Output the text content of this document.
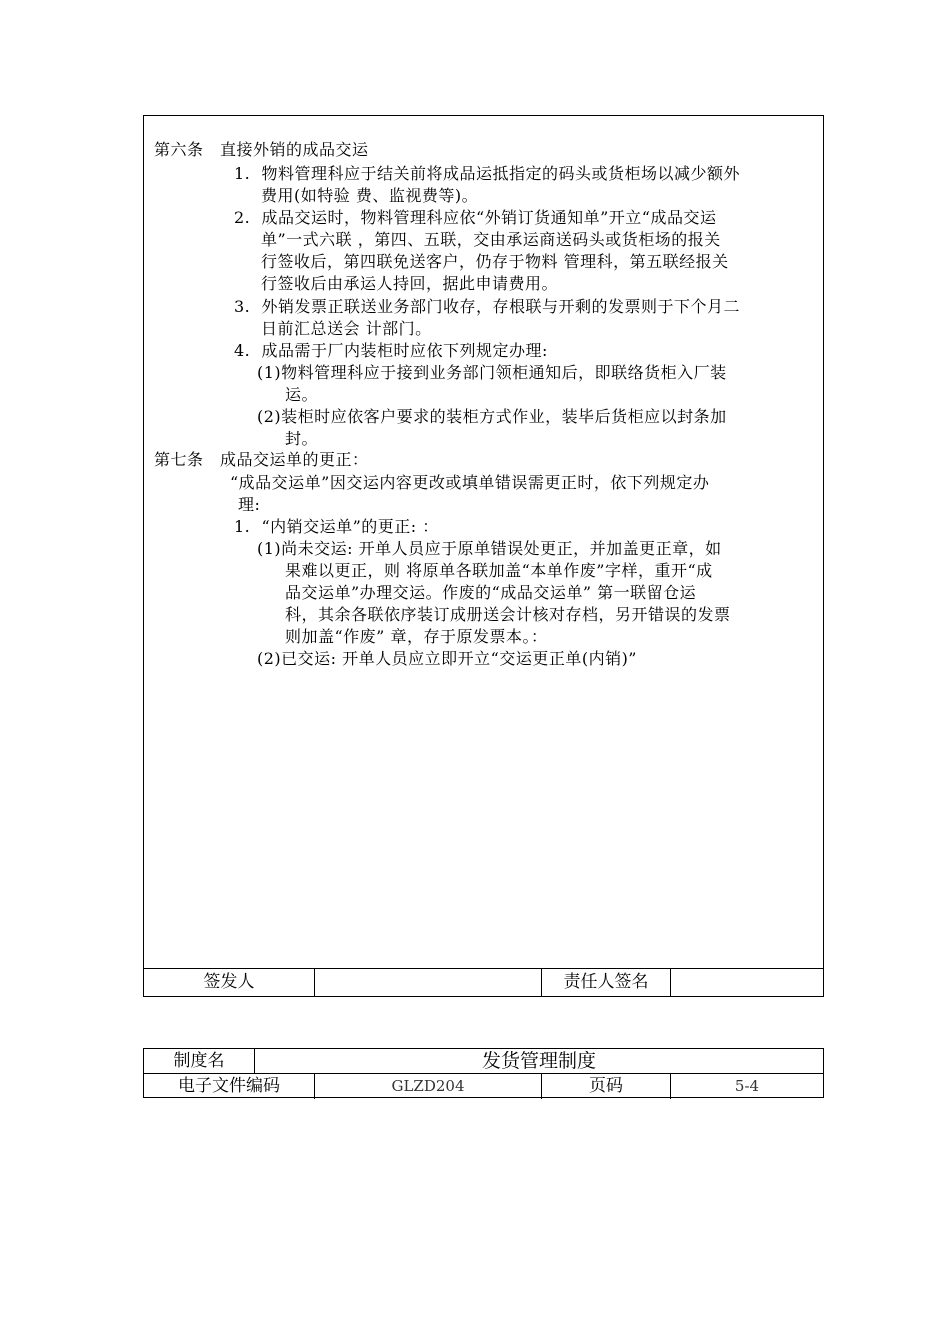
第六条　直接外销的成品交运
1.  物料管理科应于结关前将成品运抵指定的码头或货柜场以减少额外
费用(如特验 费、监视费等)。
2.  成品交运时，物料管理科应依“外销订货通知单”开立“成品交运
单”一式六联 ，第四、五联，交由承运商送码头或货柜场的报关
行签收后，第四联免送客户，仍存于物料 管理科，第五联经报关
行签收后由承运人持回，据此申请费用。
3.  外销发票正联送业务部门收存，存根联与开剩的发票则于下个月二
日前汇总送会 计部门。
4.  成品需于厂内装柜时应依下列规定办理:
(1)物料管理科应于接到业务部门领柜通知后，即联络货柜入厂装
运。
(2)装柜时应依客户要求的装柜方式作业，装毕后货柜应以封条加
封。
第七条　成品交运单的更正：
“成品交运单”因交运内容更改或填单错误需更正时，依下列规定办
理:
1.  “内销交运单”的更正: ：
(1)尚未交运: 开单人员应于原单错误处更正，并加盖更正章，如
果难以更正，则 将原单各联加盖“本单作废”字样，重开“成
品交运单”办理交运。作废的“成品交运单” 第一联留仓运
科，其余各联依序装订成册送会计核对存档，另开错误的发票
则加盖“作废” 章，存于原发票本。：
(2)已交运: 开单人员应立即开立“交运更正单(内销)”
签发人	责任人签名
制度名	发货管理制度
电子文件编码	GLZD204	页码	5-4
